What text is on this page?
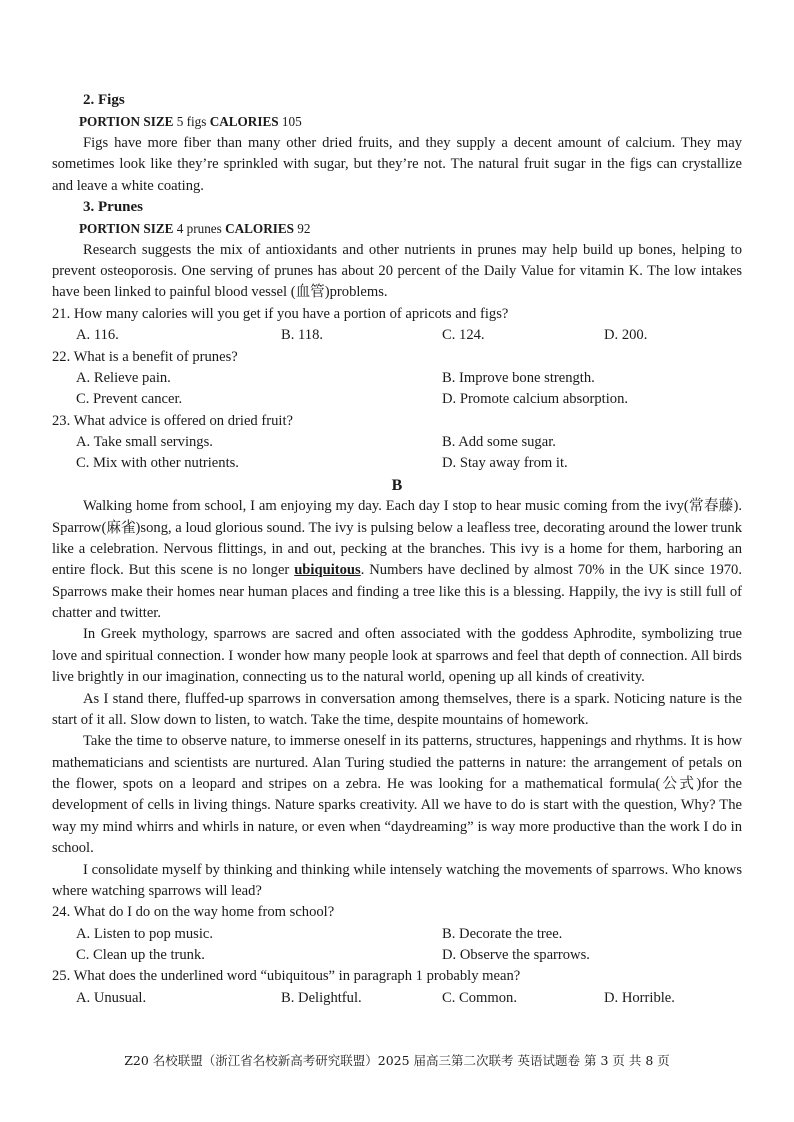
2. Figs
PORTION SIZE 5 figs CALORIES 105
Figs have more fiber than many other dried fruits, and they supply a decent amount of calcium. They may sometimes look like they’re sprinkled with sugar, but they’re not. The natural fruit sugar in the figs can crystallize and leave a white coating.
3. Prunes
PORTION SIZE 4 prunes CALORIES 92
Research suggests the mix of antioxidants and other nutrients in prunes may help build up bones, helping to prevent osteoporosis. One serving of prunes has about 20 percent of the Daily Value for vitamin K. The low intakes have been linked to painful blood vessel (血管)problems.
21. How many calories will you get if you have a portion of apricots and figs?
A. 116.	B. 118.	C. 124.	D. 200.
22. What is a benefit of prunes?
A. Relieve pain.	B. Improve bone strength.
C. Prevent cancer.	D. Promote calcium absorption.
23. What advice is offered on dried fruit?
A. Take small servings.	B. Add some sugar.
C. Mix with other nutrients.	D. Stay away from it.
B
Walking home from school, I am enjoying my day. Each day I stop to hear music coming from the ivy(常春藤). Sparrow(麻雀)song, a loud glorious sound. The ivy is pulsing below a leafless tree, decorating around the lower trunk like a celebration. Nervous flittings, in and out, pecking at the branches. This ivy is a home for them, harboring an entire flock. But this scene is no longer ubiquitous. Numbers have declined by almost 70% in the UK since 1970. Sparrows make their homes near human places and finding a tree like this is a blessing. Happily, the ivy is still full of chatter and twitter.
In Greek mythology, sparrows are sacred and often associated with the goddess Aphrodite, symbolizing true love and spiritual connection. I wonder how many people look at sparrows and feel that depth of connection. All birds live brightly in our imagination, connecting us to the natural world, opening up all kinds of creativity.
As I stand there, fluffed-up sparrows in conversation among themselves, there is a spark. Noticing nature is the start of it all. Slow down to listen, to watch. Take the time, despite mountains of homework.
Take the time to observe nature, to immerse oneself in its patterns, structures, happenings and rhythms. It is how mathematicians and scientists are nurtured. Alan Turing studied the patterns in nature: the arrangement of petals on the flower, spots on a leopard and stripes on a zebra. He was looking for a mathematical formula(公式)for the development of cells in living things. Nature sparks creativity. All we have to do is start with the question, Why? The way my mind whirrs and whirls in nature, or even when “daydreaming” is way more productive than the work I do in school.
I consolidate myself by thinking and thinking while intensely watching the movements of sparrows. Who knows where watching sparrows will lead?
24. What do I do on the way home from school?
A. Listen to pop music.	B. Decorate the tree.
C. Clean up the trunk.	D. Observe the sparrows.
25. What does the underlined word “ubiquitous” in paragraph 1 probably mean?
A. Unusual.	B. Delightful.	C. Common.	D. Horrible.
Z20 名校联盟（浙江省名校新高考研究联盟）2025 届高三第二次联考 英语试题卷 第 3 页 共 8 页
